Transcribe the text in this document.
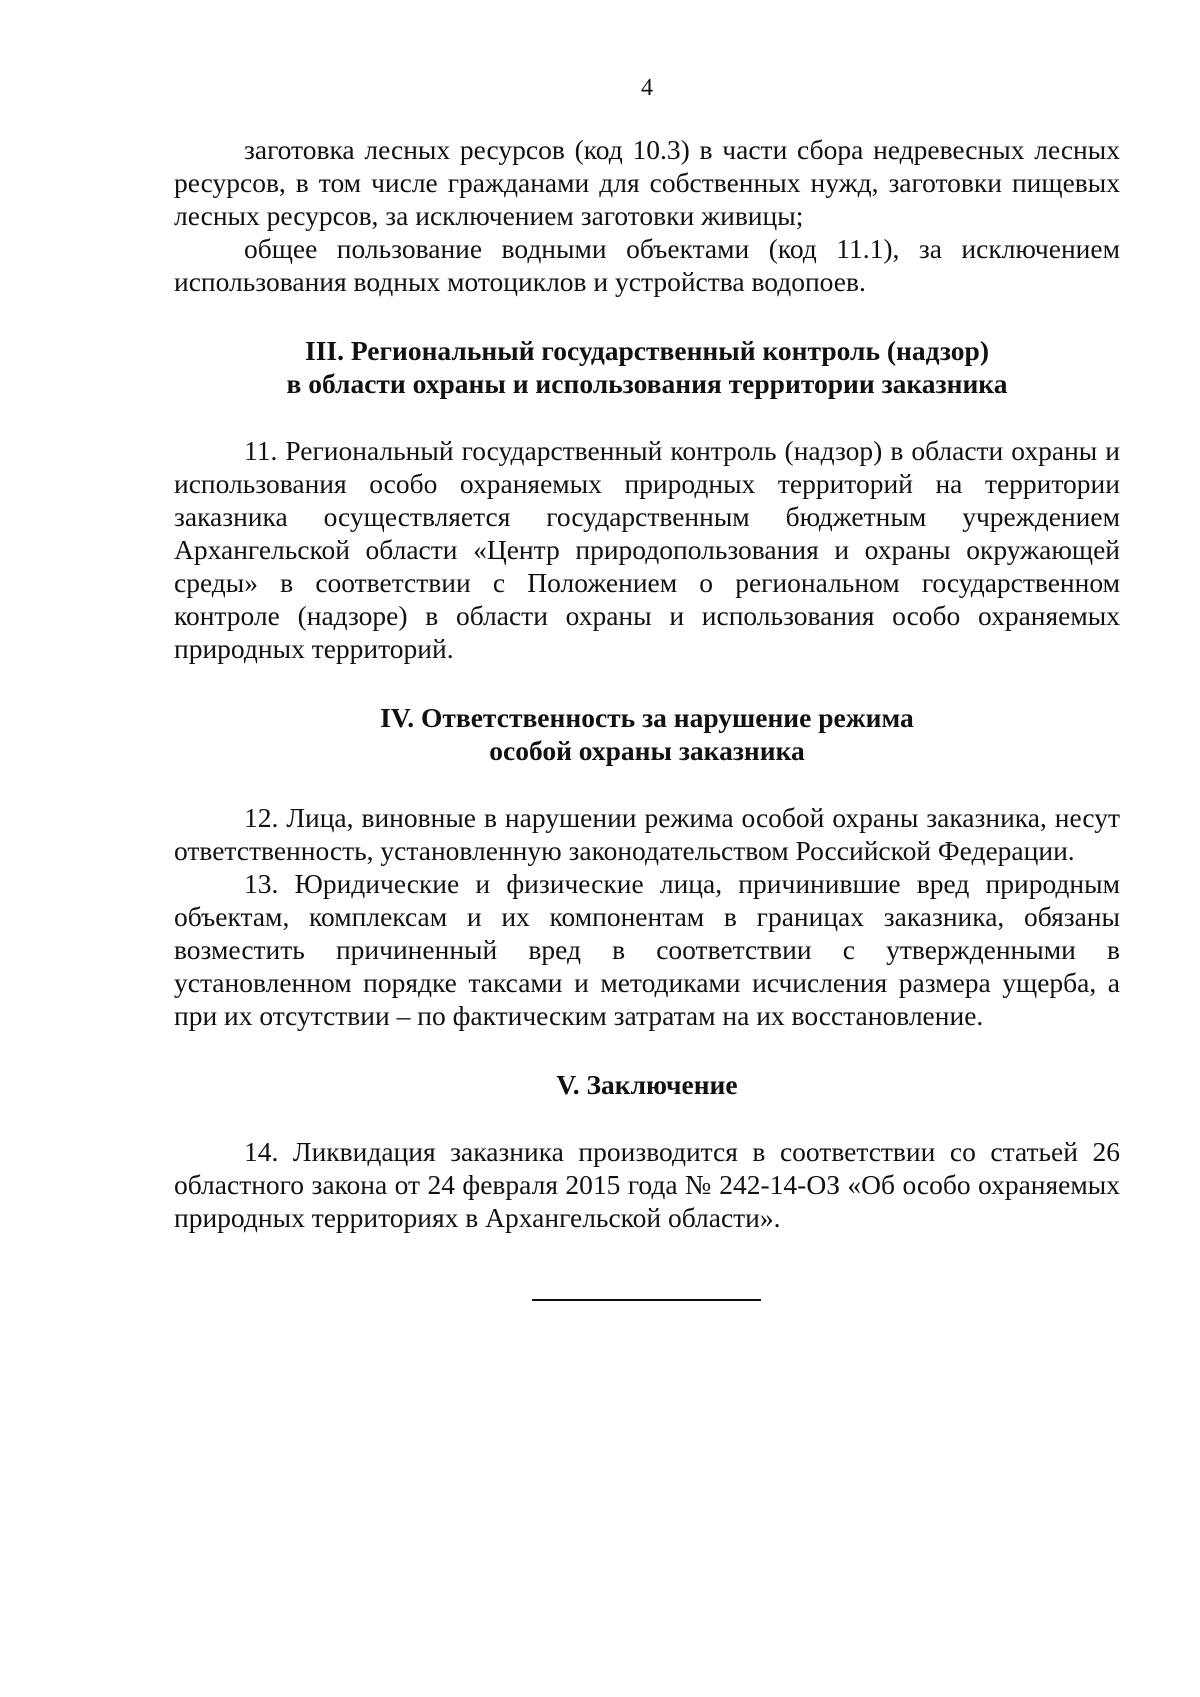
4

заготовка лесных ресурсов (код 10.3) в части сбора недревесных лесных ресурсов, в том числе гражданами для собственных нужд, заготовки пищевых лесных ресурсов, за исключением заготовки живицы;

общее пользование водными объектами (код 11.1), за исключением использования водных мотоциклов и устройства водопоев.

III. Региональный государственный контроль (надзор)
в области охраны и использования территории заказника

11. Региональный государственный контроль (надзор) в области охраны и использования особо охраняемых природных территорий на территории заказника осуществляется государственным бюджетным учреждением Архангельской области «Центр природопользования и охраны окружающей среды» в соответствии с Положением о региональном государственном контроле (надзоре) в области охраны и использования особо охраняемых природных территорий.

IV. Ответственность за нарушение режима
особой охраны заказника

12. Лица, виновные в нарушении режима особой охраны заказника, несут ответственность, установленную законодательством Российской Федерации.

13. Юридические и физические лица, причинившие вред природным объектам, комплексам и их компонентам в границах заказника, обязаны возместить причиненный вред в соответствии с утвержденными в установленном порядке таксами и методиками исчисления размера ущерба, а при их отсутствии – по фактическим затратам на их восстановление.

V. Заключение

14. Ликвидация заказника производится в соответствии со статьей 26 областного закона от 24 февраля 2015 года № 242-14-ОЗ «Об особо охраняемых природных территориях в Архангельской области».
